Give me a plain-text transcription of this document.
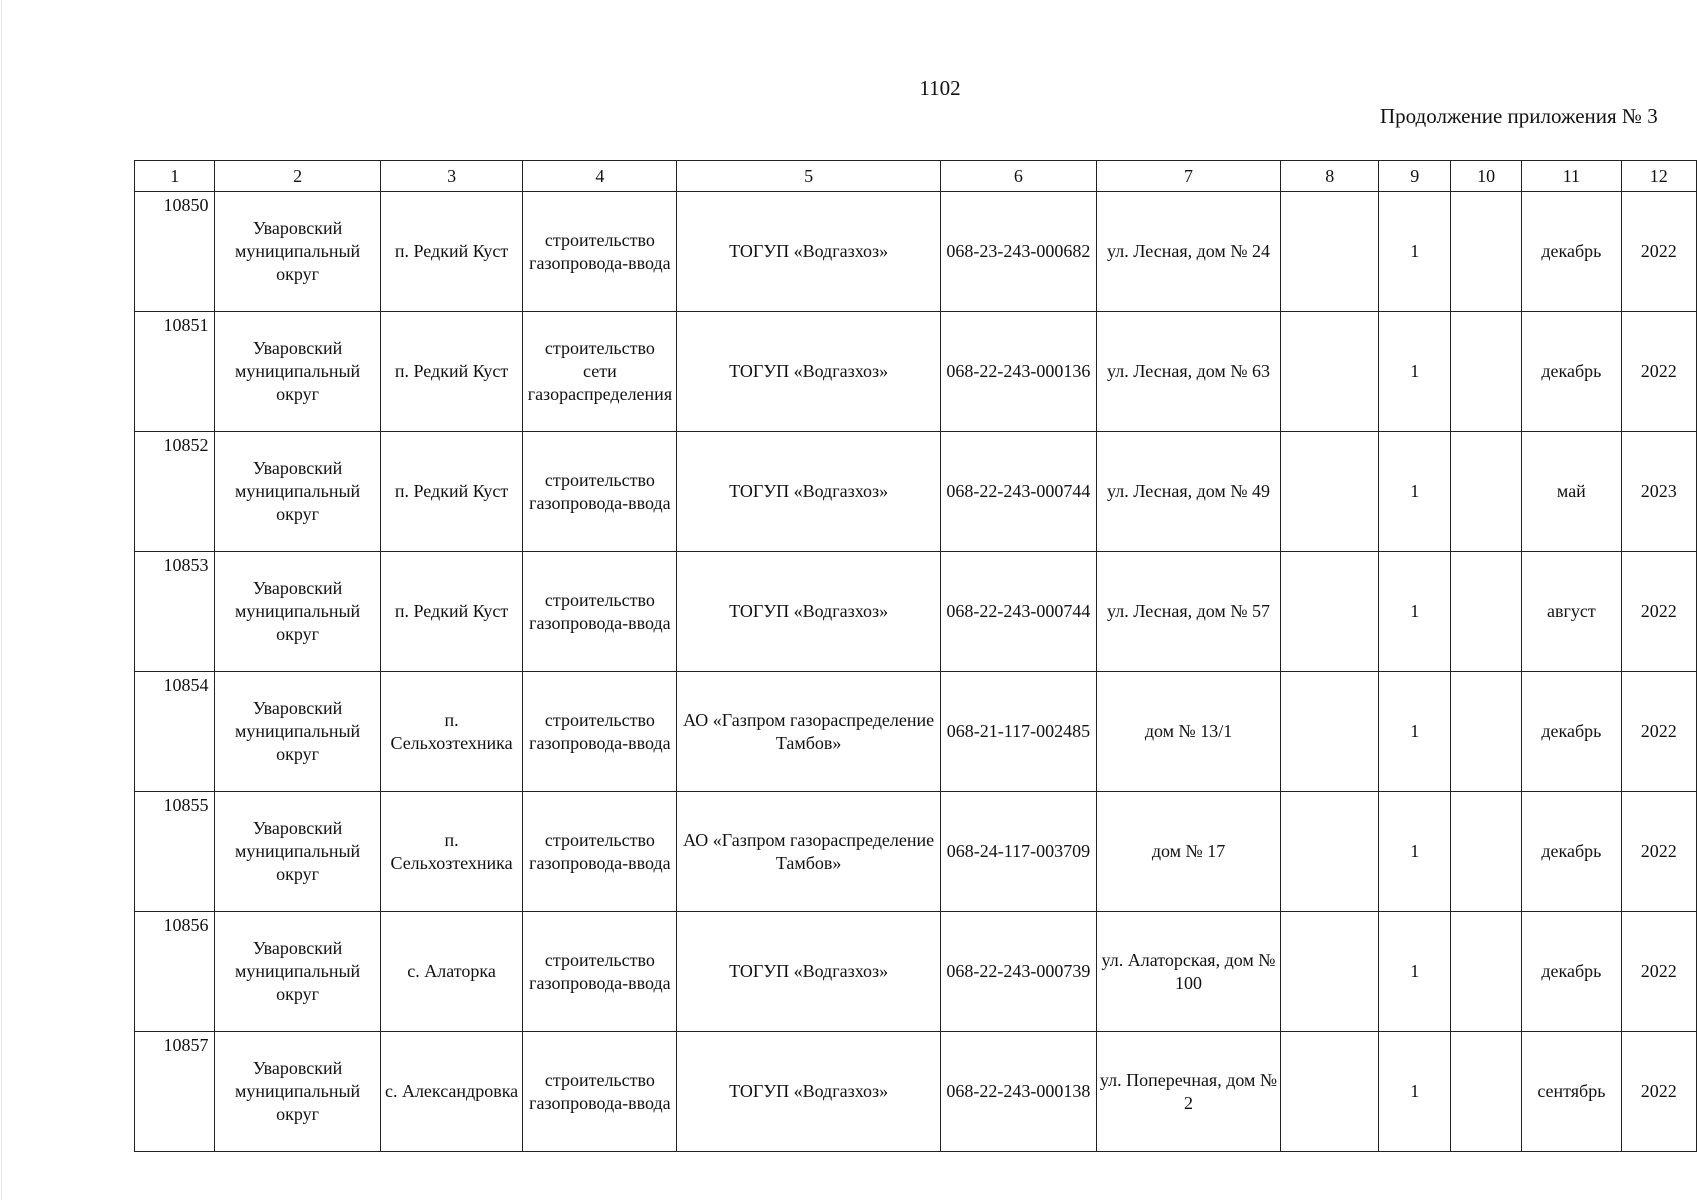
1102
Продолжение приложения № 3
1	2	3	4	5	6	7	8	9	10	11	12

10850	Уваровский муниципальный округ	п. Редкий Куст	строительство газопровода-ввода	ТОГУП «Водгазхоз»	068-23-243-000682	ул. Лесная, дом № 24		1		декабрь	2022

10851	Уваровский муниципальный округ	п. Редкий Куст	строительство сети газораспределения	ТОГУП «Водгазхоз»	068-22-243-000136	ул. Лесная, дом № 63		1		декабрь	2022

10852	Уваровский муниципальный округ	п. Редкий Куст	строительство газопровода-ввода	ТОГУП «Водгазхоз»	068-22-243-000744	ул. Лесная, дом № 49		1		май	2023

10853	Уваровский муниципальный округ	п. Редкий Куст	строительство газопровода-ввода	ТОГУП «Водгазхоз»	068-22-243-000744	ул. Лесная, дом № 57		1		август	2022

10854	Уваровский муниципальный округ	п. Сельхозтехника	строительство газопровода-ввода	АО «Газпром газораспределение Тамбов»	068-21-117-002485	дом № 13/1		1		декабрь	2022

10855	Уваровский муниципальный округ	п. Сельхозтехника	строительство газопровода-ввода	АО «Газпром газораспределение Тамбов»	068-24-117-003709	дом № 17		1		декабрь	2022

10856	Уваровский муниципальный округ	с. Алаторка	строительство газопровода-ввода	ТОГУП «Водгазхоз»	068-22-243-000739	ул. Алаторская, дом № 100		1		декабрь	2022

10857	Уваровский муниципальный округ	с. Александровка	строительство газопровода-ввода	ТОГУП «Водгазхоз»	068-22-243-000138	ул. Поперечная, дом № 2		1		сентябрь	2022
